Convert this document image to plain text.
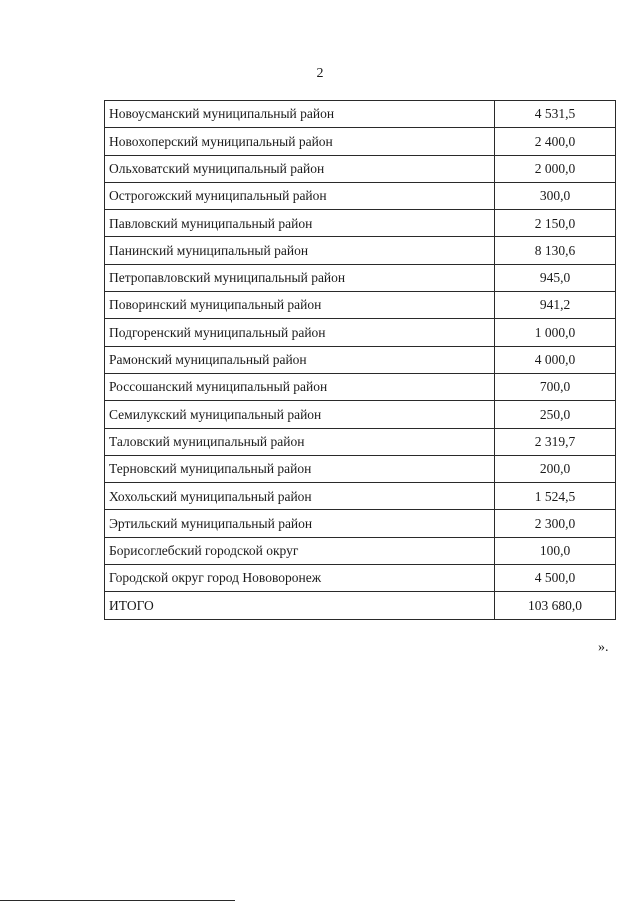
2
Новоусманский муниципальный район	4 531,5
Новохоперский муниципальный район	2 400,0
Ольховатский муниципальный район	2 000,0
Острогожский муниципальный район	300,0
Павловский муниципальный район	2 150,0
Панинский муниципальный район	8 130,6
Петропавловский муниципальный район	945,0
Поворинский муниципальный район	941,2
Подгоренский муниципальный район	1 000,0
Рамонский муниципальный район	4 000,0
Россошанский муниципальный район	700,0
Семилукский муниципальный район	250,0
Таловский муниципальный район	2 319,7
Терновский муниципальный район	200,0
Хохольский муниципальный район	1 524,5
Эртильский муниципальный район	2 300,0
Борисоглебский городской округ	100,0
Городской округ город Нововоронеж	4 500,0
ИТОГО	103 680,0
».
